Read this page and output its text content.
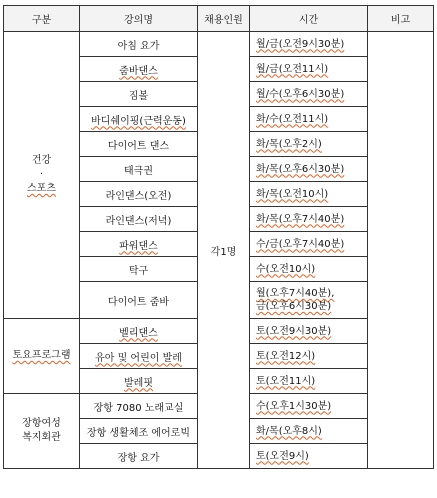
구분	강의명	채용인원	시간	비고

건강
·
스포츠	아침 요가	각1명	월/금(오전9시30분)	
	줌바댄스		월/금(오전11시)	
	짐볼		월/수(오후6시30분)	
	바디쉐이핑(근력운동)		화/수(오전11시)	
	다이어트 댄스		화/목(오후2시)	
	태극권		화/목(오후6시30분)	
	라인댄스(오전)		화/목(오전10시)	
	라인댄스(저녁)		화/목(오후7시40분)	
	파워댄스		수/금(오후7시40분)	
	탁구		수(오전10시)	
	다이어트 줌바		월(오후7시40분),
금(오후6시30분)	

토요프로그램	벨리댄스		토(오전9시30분)	
	유아 및 어린이 발레		토(오전12시)	
	발레핏		토(오전11시)	

장항여성
복지회관	장항 7080 노래교실		수(오후1시30분)	
	장항 생활체조 에어로빅		화/목(오후8시)	
	장항 요가		토(오전9시)	
